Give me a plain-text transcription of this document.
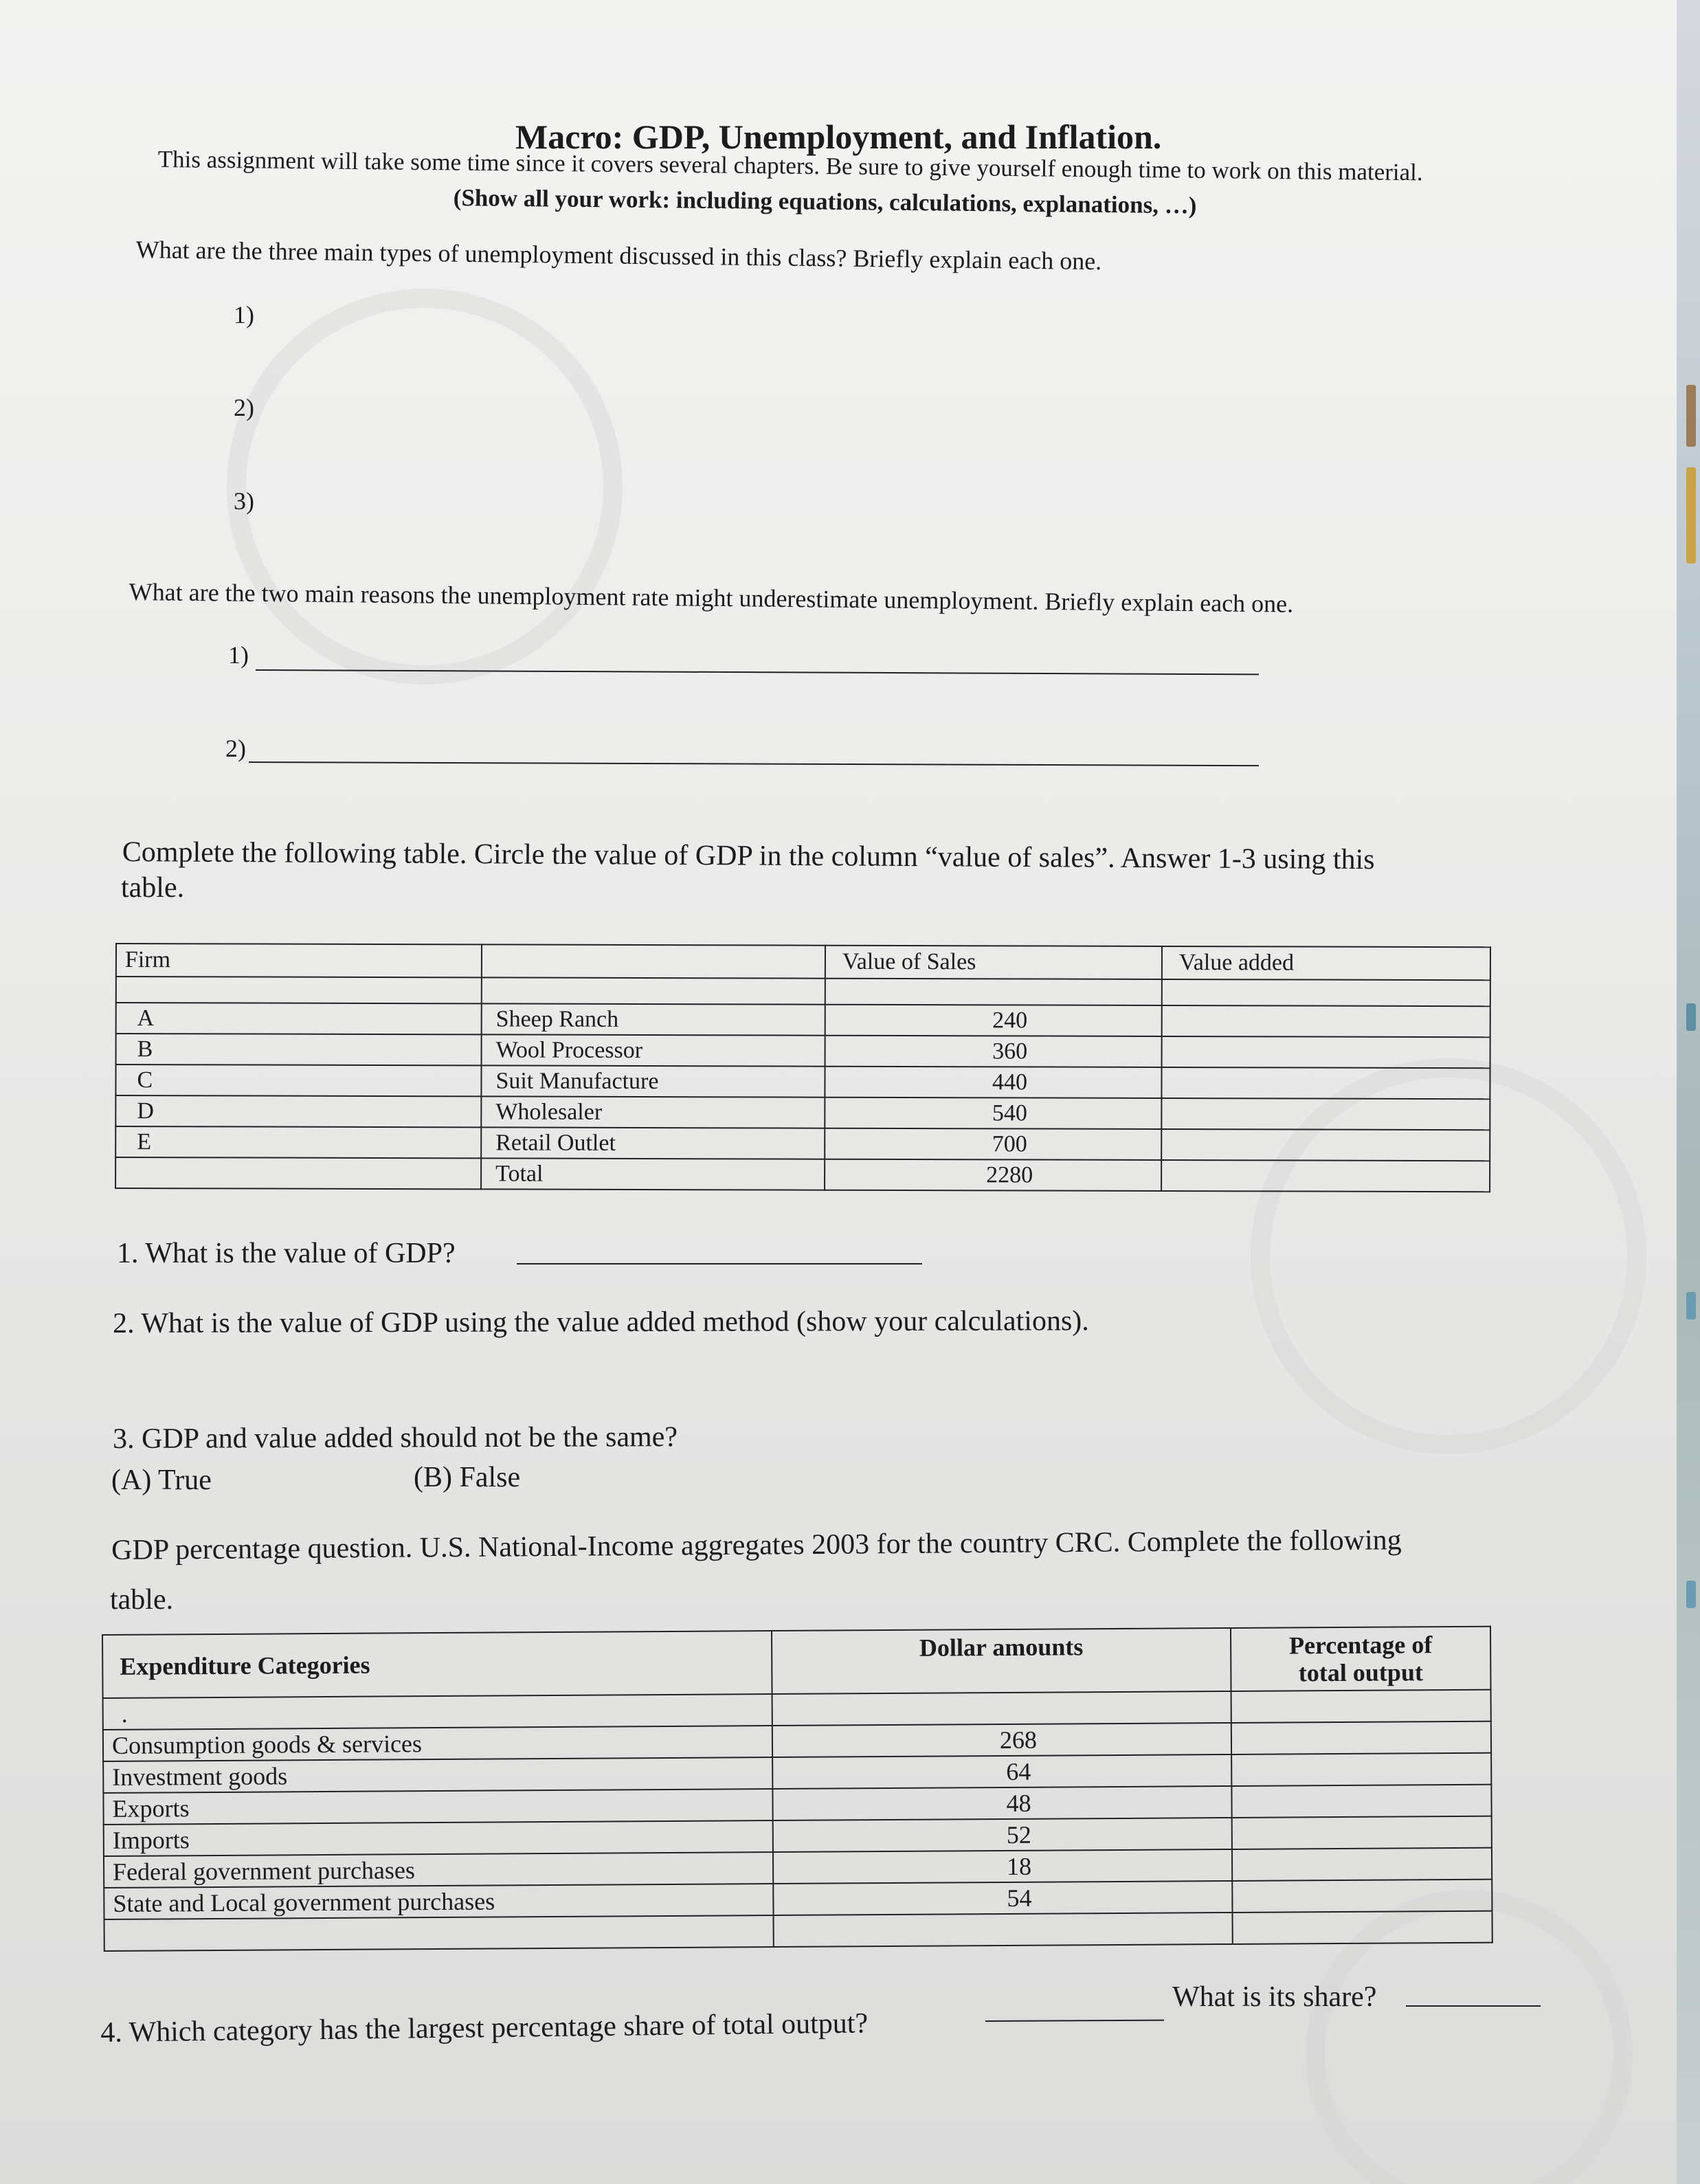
Macro: GDP, Unemployment, and Inflation.
This assignment will take some time since it covers several chapters. Be sure to give yourself enough time to work on this material.
(Show all your work: including equations, calculations, explanations, …)
What are the three main types of unemployment discussed in this class? Briefly explain each one.
1)
2)
3)
What are the two main reasons the unemployment rate might underestimate unemployment. Briefly explain each one.
1)
2)
Complete the following table. Circle the value of GDP in the column “value of sales”. Answer 1-3 using this
table.
Firm		Value of Sales	Value added

A	Sheep Ranch	240	
B	Wool Processor	360	
C	Suit Manufacture	440	
D	Wholesaler	540	
E	Retail Outlet	700	
	Total	2280	
1. What is the value of GDP?
2. What is the value of GDP using the value added method (show your calculations).
3. GDP and value added should not be the same?
(A) True	(B) False
GDP percentage question. U.S. National-Income aggregates 2003 for the country CRC. Complete the following
table.
Expenditure Categories	Dollar amounts	Percentage of
total output

.		
Consumption goods & services	268	
Investment goods	64	
Exports	48	
Imports	52	
Federal government purchases	18	
State and Local government purchases	54	

4. Which category has the largest percentage share of total output?
What is its share?
